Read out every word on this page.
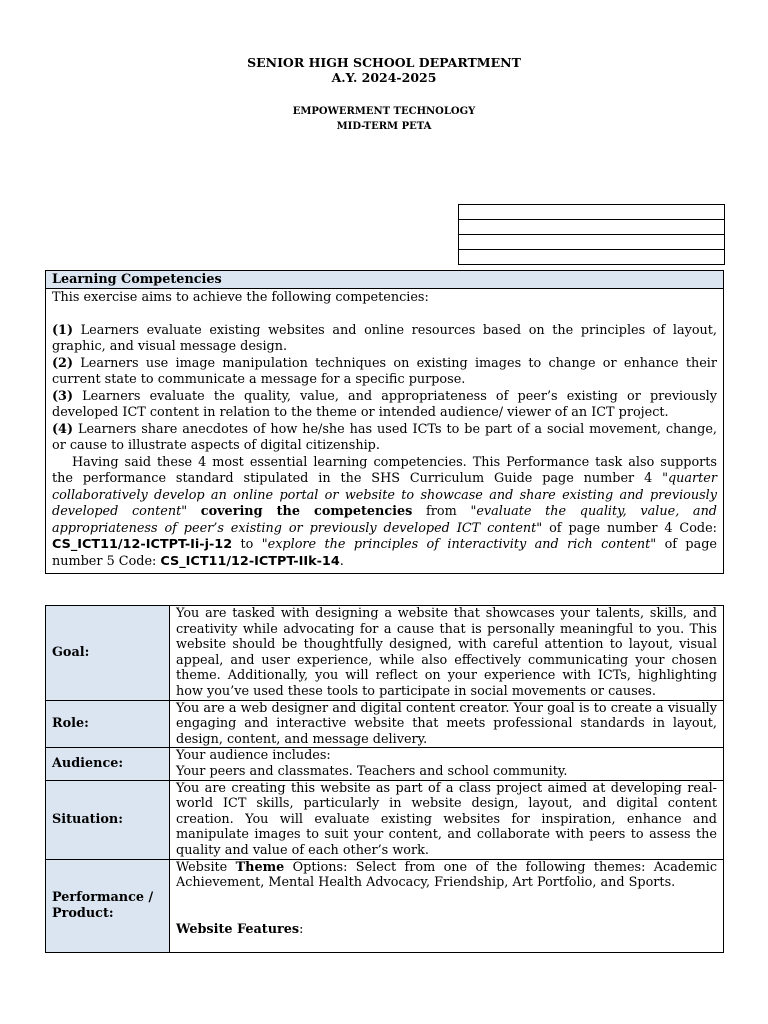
SENIOR HIGH SCHOOL DEPARTMENT
A.Y. 2024-2025
EMPOWERMENT TECHNOLOGY
MID-TERM PETA
Learning Competencies

This exercise aims to achieve the following competencies:

(1) Learners evaluate existing websites and online resources based on the principles of layout, graphic, and visual message design.

(2) Learners use image manipulation techniques on existing images to change or enhance their current state to communicate a message for a specific purpose.

(3) Learners evaluate the quality, value, and appropriateness of peer’s existing or previously developed ICT content in relation to the theme or intended audience/ viewer of an ICT project.

(4) Learners share anecdotes of how he/she has used ICTs to be part of a social movement, change, or cause to illustrate aspects of digital citizenship.

Having said these 4 most essential learning competencies. This Performance task also supports the performance standard stipulated in the SHS Curriculum Guide page number 4 "quarter collaboratively develop an online portal or website to showcase and share existing and previously developed content" covering the competencies from "evaluate the quality, value, and appropriateness of peer’s existing or previously developed ICT content" of page number 4 Code: CS_ICT11/12-ICTPT-Ii-j-12 to "explore the principles of interactivity and rich content" of page number 5 Code: CS_ICT11/12-ICTPT-IIk-14.

Goal:	You are tasked with designing a website that showcases your talents, skills, and creativity while advocating for a cause that is personally meaningful to you. This website should be thoughtfully designed, with careful attention to layout, visual appeal, and user experience, while also effectively communicating your chosen theme. Additionally, you will reflect on your experience with ICTs, highlighting how you’ve used these tools to participate in social movements or causes.
Role:	You are a web designer and digital content creator. Your goal is to create a visually engaging and interactive website that meets professional standards in layout, design, content, and message delivery.
Audience:	Your audience includes:
Your peers and classmates. Teachers and school community.

Situation:	You are creating this website as part of a class project aimed at developing real-world ICT skills, particularly in website design, layout, and digital content creation. You will evaluate existing websites for inspiration, enhance and manipulate images to suit your content, and collaborate with peers to assess the quality and value of each other’s work.
Performance / Product:	Website Theme Options: Select from one of the following themes: Academic Achievement, Mental Health Advocacy, Friendship, Art Portfolio, and Sports.
Website Features:
